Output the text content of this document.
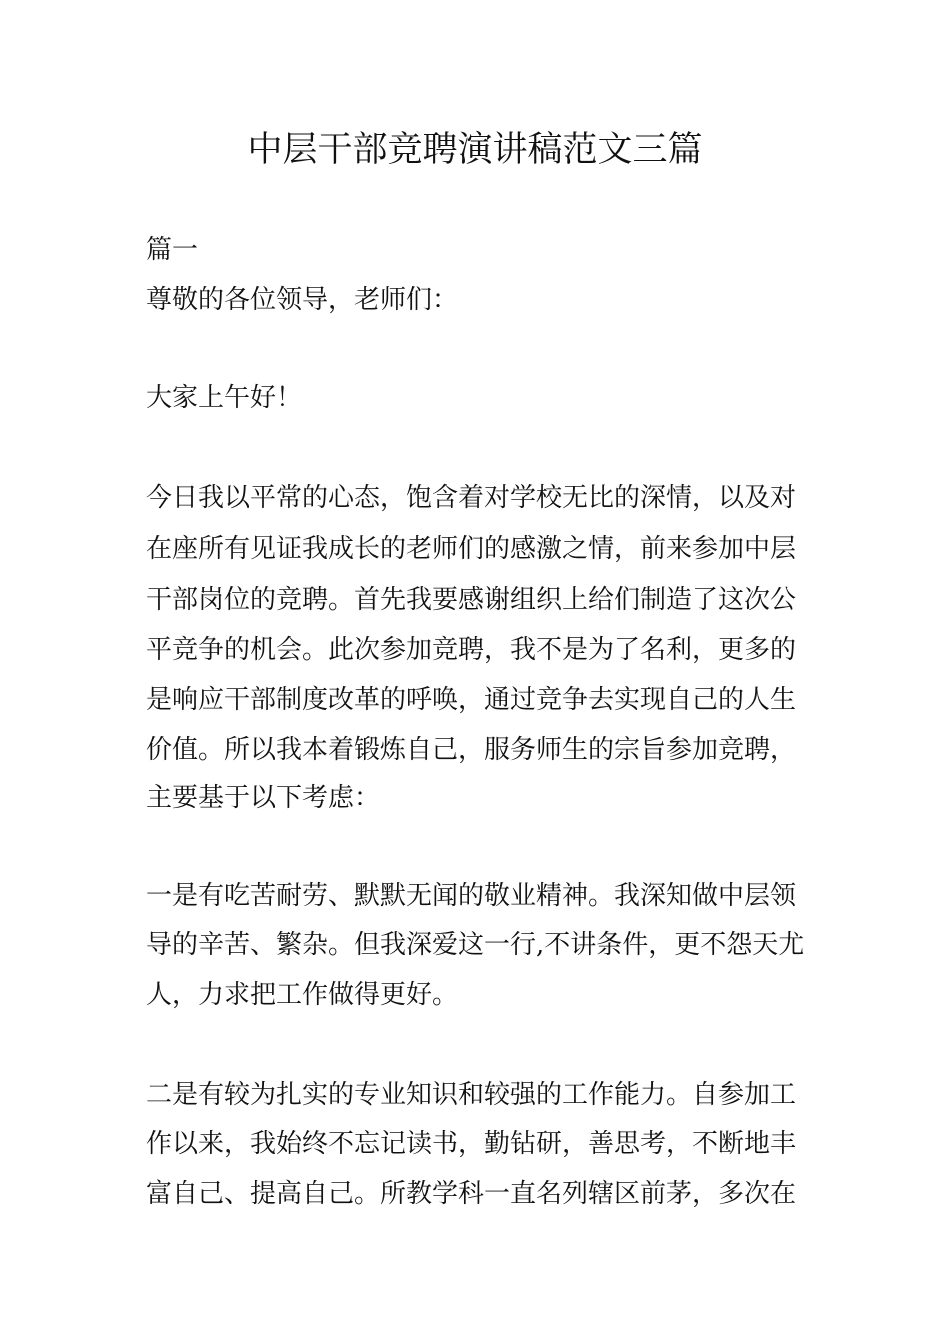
中层干部竞聘演讲稿范文三篇
篇一
尊敬的各位领导，老师们：
大家上午好！
今日我以平常的心态，饱含着对学校无比的深情，以及对
在座所有见证我成长的老师们的感激之情，前来参加中层
干部岗位的竞聘。首先我要感谢组织上给们制造了这次公
平竞争的机会。此次参加竞聘，我不是为了名利，更多的
是响应干部制度改革的呼唤，通过竞争去实现自己的人生
价值。所以我本着锻炼自己，服务师生的宗旨参加竞聘，
主要基于以下考虑：
一是有吃苦耐劳、默默无闻的敬业精神。我深知做中层领
导的辛苦、繁杂。但我深爱这一行,不讲条件，更不怨天尤
人，力求把工作做得更好。
二是有较为扎实的专业知识和较强的工作能力。自参加工
作以来，我始终不忘记读书，勤钻研，善思考，不断地丰
富自己、提高自己。所教学科一直名列辖区前茅，多次在
